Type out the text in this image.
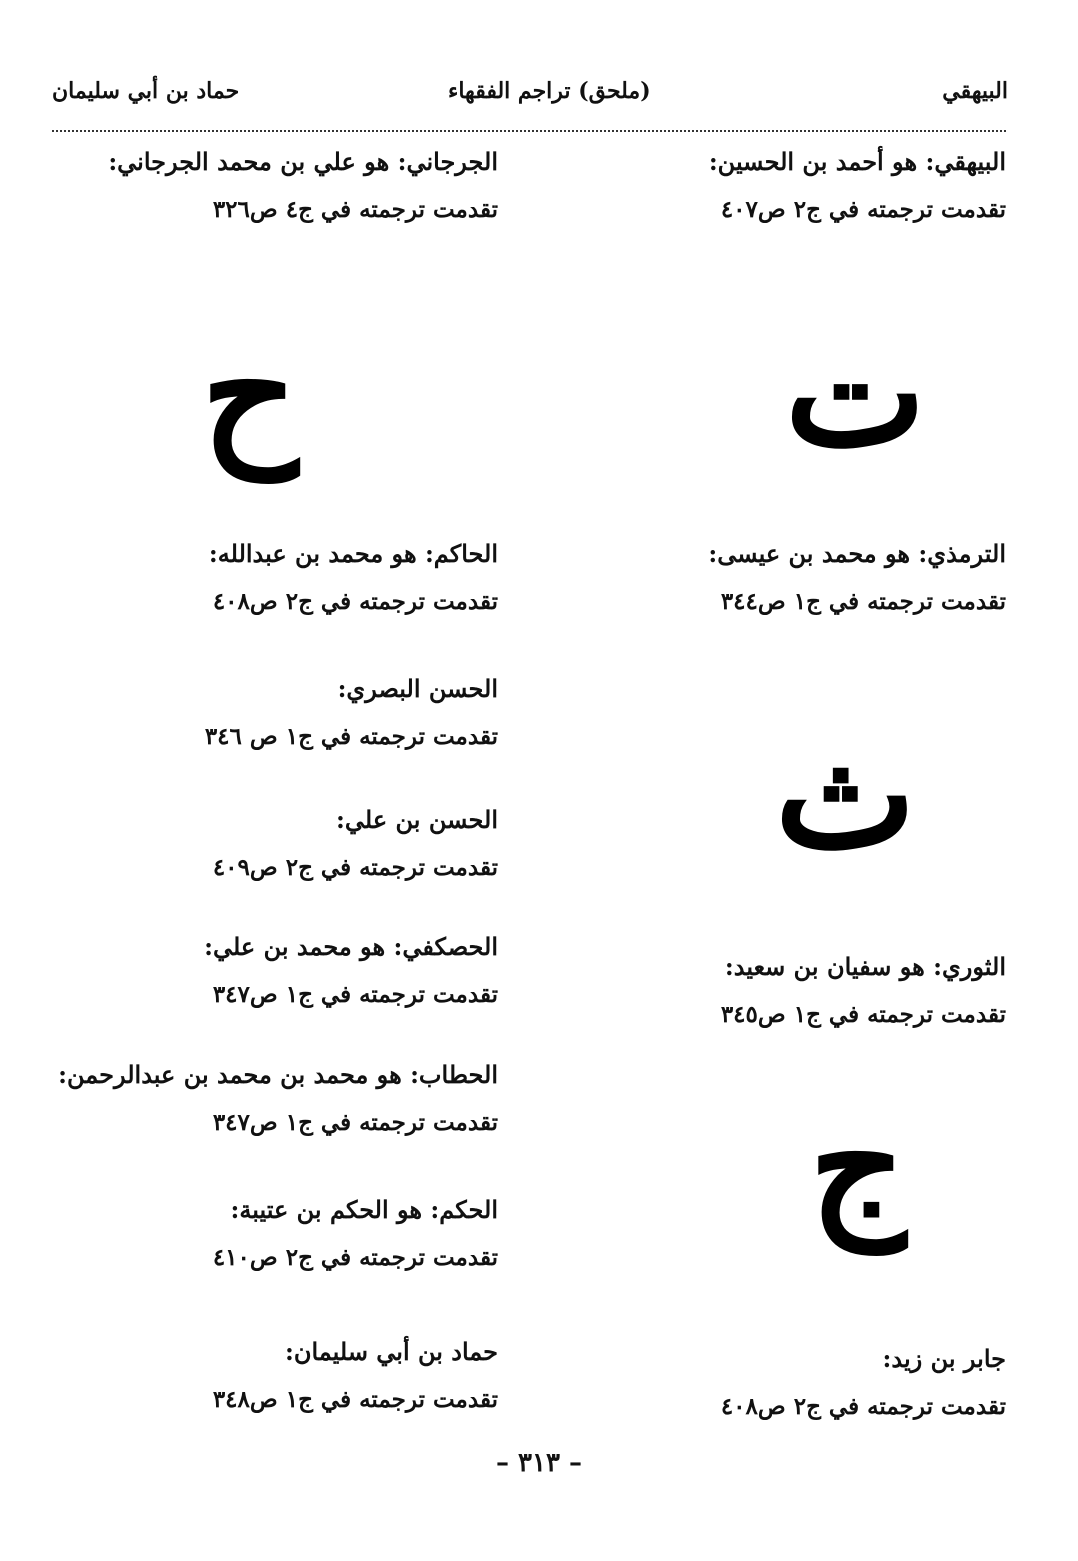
البيهقي
(ملحق) تراجم الفقهاء
حماد بن أبي سليمان
البيهقي: هو أحمد بن الحسين:
تقدمت ترجمته في ج٢ ص٤٠٧
ت
الترمذي: هو محمد بن عيسى:
تقدمت ترجمته في ج١ ص٣٤٤
ث
الثوري: هو سفيان بن سعيد:
تقدمت ترجمته في ج١ ص٣٤٥
ج
جابر بن زيد:
تقدمت ترجمته في ج٢ ص٤٠٨
الجرجاني: هو علي بن محمد الجرجاني:
تقدمت ترجمته في ج٤ ص٣٢٦
ح
الحاكم: هو محمد بن عبدالله:
تقدمت ترجمته في ج٢ ص٤٠٨
الحسن البصري:
تقدمت ترجمته في ج١ ص ٣٤٦
الحسن بن علي:
تقدمت ترجمته في ج٢ ص٤٠٩
الحصكفي: هو محمد بن علي:
تقدمت ترجمته في ج١ ص٣٤٧
الحطاب: هو محمد بن محمد بن عبدالرحمن:
تقدمت ترجمته في ج١ ص٣٤٧
الحكم: هو الحكم بن عتيبة:
تقدمت ترجمته في ج٢ ص٤١٠
حماد بن أبي سليمان:
تقدمت ترجمته في ج١ ص٣٤٨
– ٣١٣ –
